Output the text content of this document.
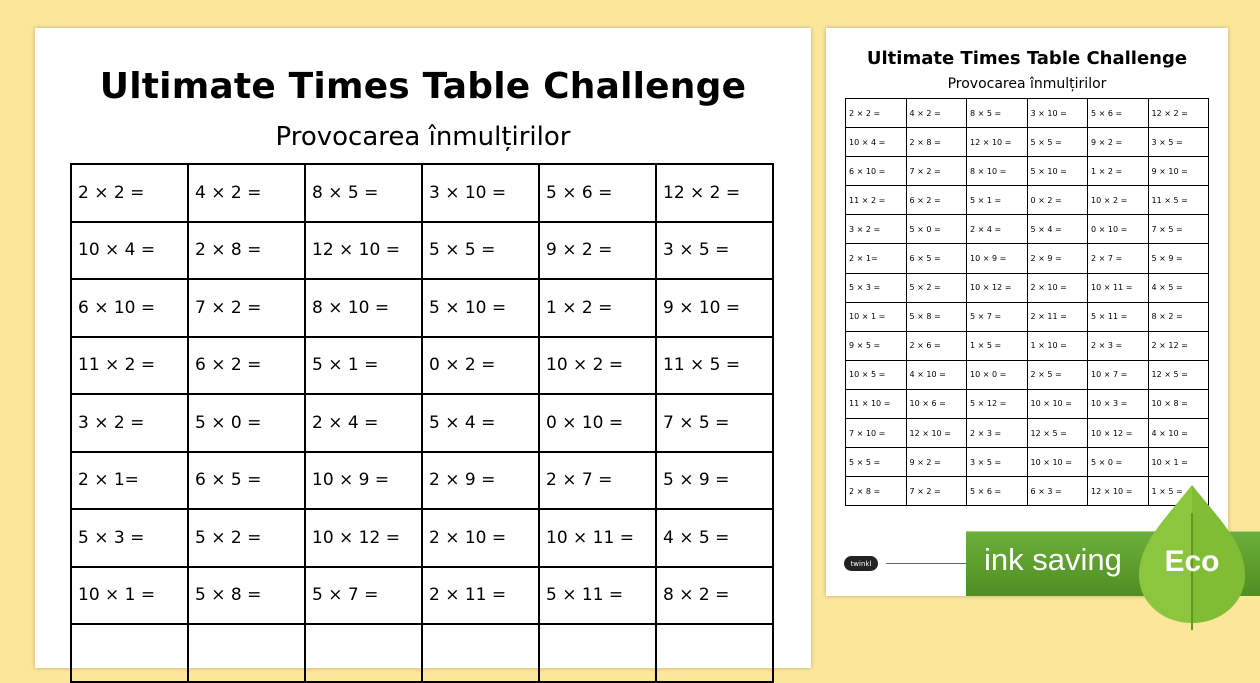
Ultimate Times Table Challenge
Provocarea înmulțirilor
2 × 2 =	4 × 2 =	8 × 5 =	3 × 10 =	5 × 6 =	12 × 2 =
10 × 4 =	2 × 8 =	12 × 10 =	5 × 5 =	9 × 2 =	3 × 5 =
6 × 10 =	7 × 2 =	8 × 10 =	5 × 10 =	1 × 2 =	9 × 10 =
11 × 2 =	6 × 2 =	5 × 1 =	0 × 2 =	10 × 2 =	11 × 5 =
3 × 2 =	5 × 0 =	2 × 4 =	5 × 4 =	0 × 10 =	7 × 5 =
2 × 1=	6 × 5 =	10 × 9 =	2 × 9 =	2 × 7 =	5 × 9 =
5 × 3 =	5 × 2 =	10 × 12 =	2 × 10 =	10 × 11 =	4 × 5 =
10 × 1 =	5 × 8 =	5 × 7 =	2 × 11 =	5 × 11 =	8 × 2 =
Ultimate Times Table Challenge
Provocarea înmulțirilor
2 × 2 =	4 × 2 =	8 × 5 =	3 × 10 =	5 × 6 =	12 × 2 =
10 × 4 =	2 × 8 =	12 × 10 =	5 × 5 =	9 × 2 =	3 × 5 =
6 × 10 =	7 × 2 =	8 × 10 =	5 × 10 =	1 × 2 =	9 × 10 =
11 × 2 =	6 × 2 =	5 × 1 =	0 × 2 =	10 × 2 =	11 × 5 =
3 × 2 =	5 × 0 =	2 × 4 =	5 × 4 =	0 × 10 =	7 × 5 =
2 × 1=	6 × 5 =	10 × 9 =	2 × 9 =	2 × 7 =	5 × 9 =
5 × 3 =	5 × 2 =	10 × 12 =	2 × 10 =	10 × 11 =	4 × 5 =
10 × 1 =	5 × 8 =	5 × 7 =	2 × 11 =	5 × 11 =	8 × 2 =
9 × 5 =	2 × 6 =	1 × 5 =	1 × 10 =	2 × 3 =	2 × 12 =
10 × 5 =	4 × 10 =	10 × 0 =	2 × 5 =	10 × 7 =	12 × 5 =
11 × 10 =	10 × 6 =	5 × 12 =	10 × 10 =	10 × 3 =	10 × 8 =
7 × 10 =	12 × 10 =	2 × 3 =	12 × 5 =	10 × 12 =	4 × 10 =
5 × 5 =	9 × 2 =	3 × 5 =	10 × 10 =	5 × 0 =	10 × 1 =
2 × 8 =	7 × 2 =	5 × 6 =	6 × 3 =	12 × 10 =	1 × 5 =
twinkl	ink saving	Eco
